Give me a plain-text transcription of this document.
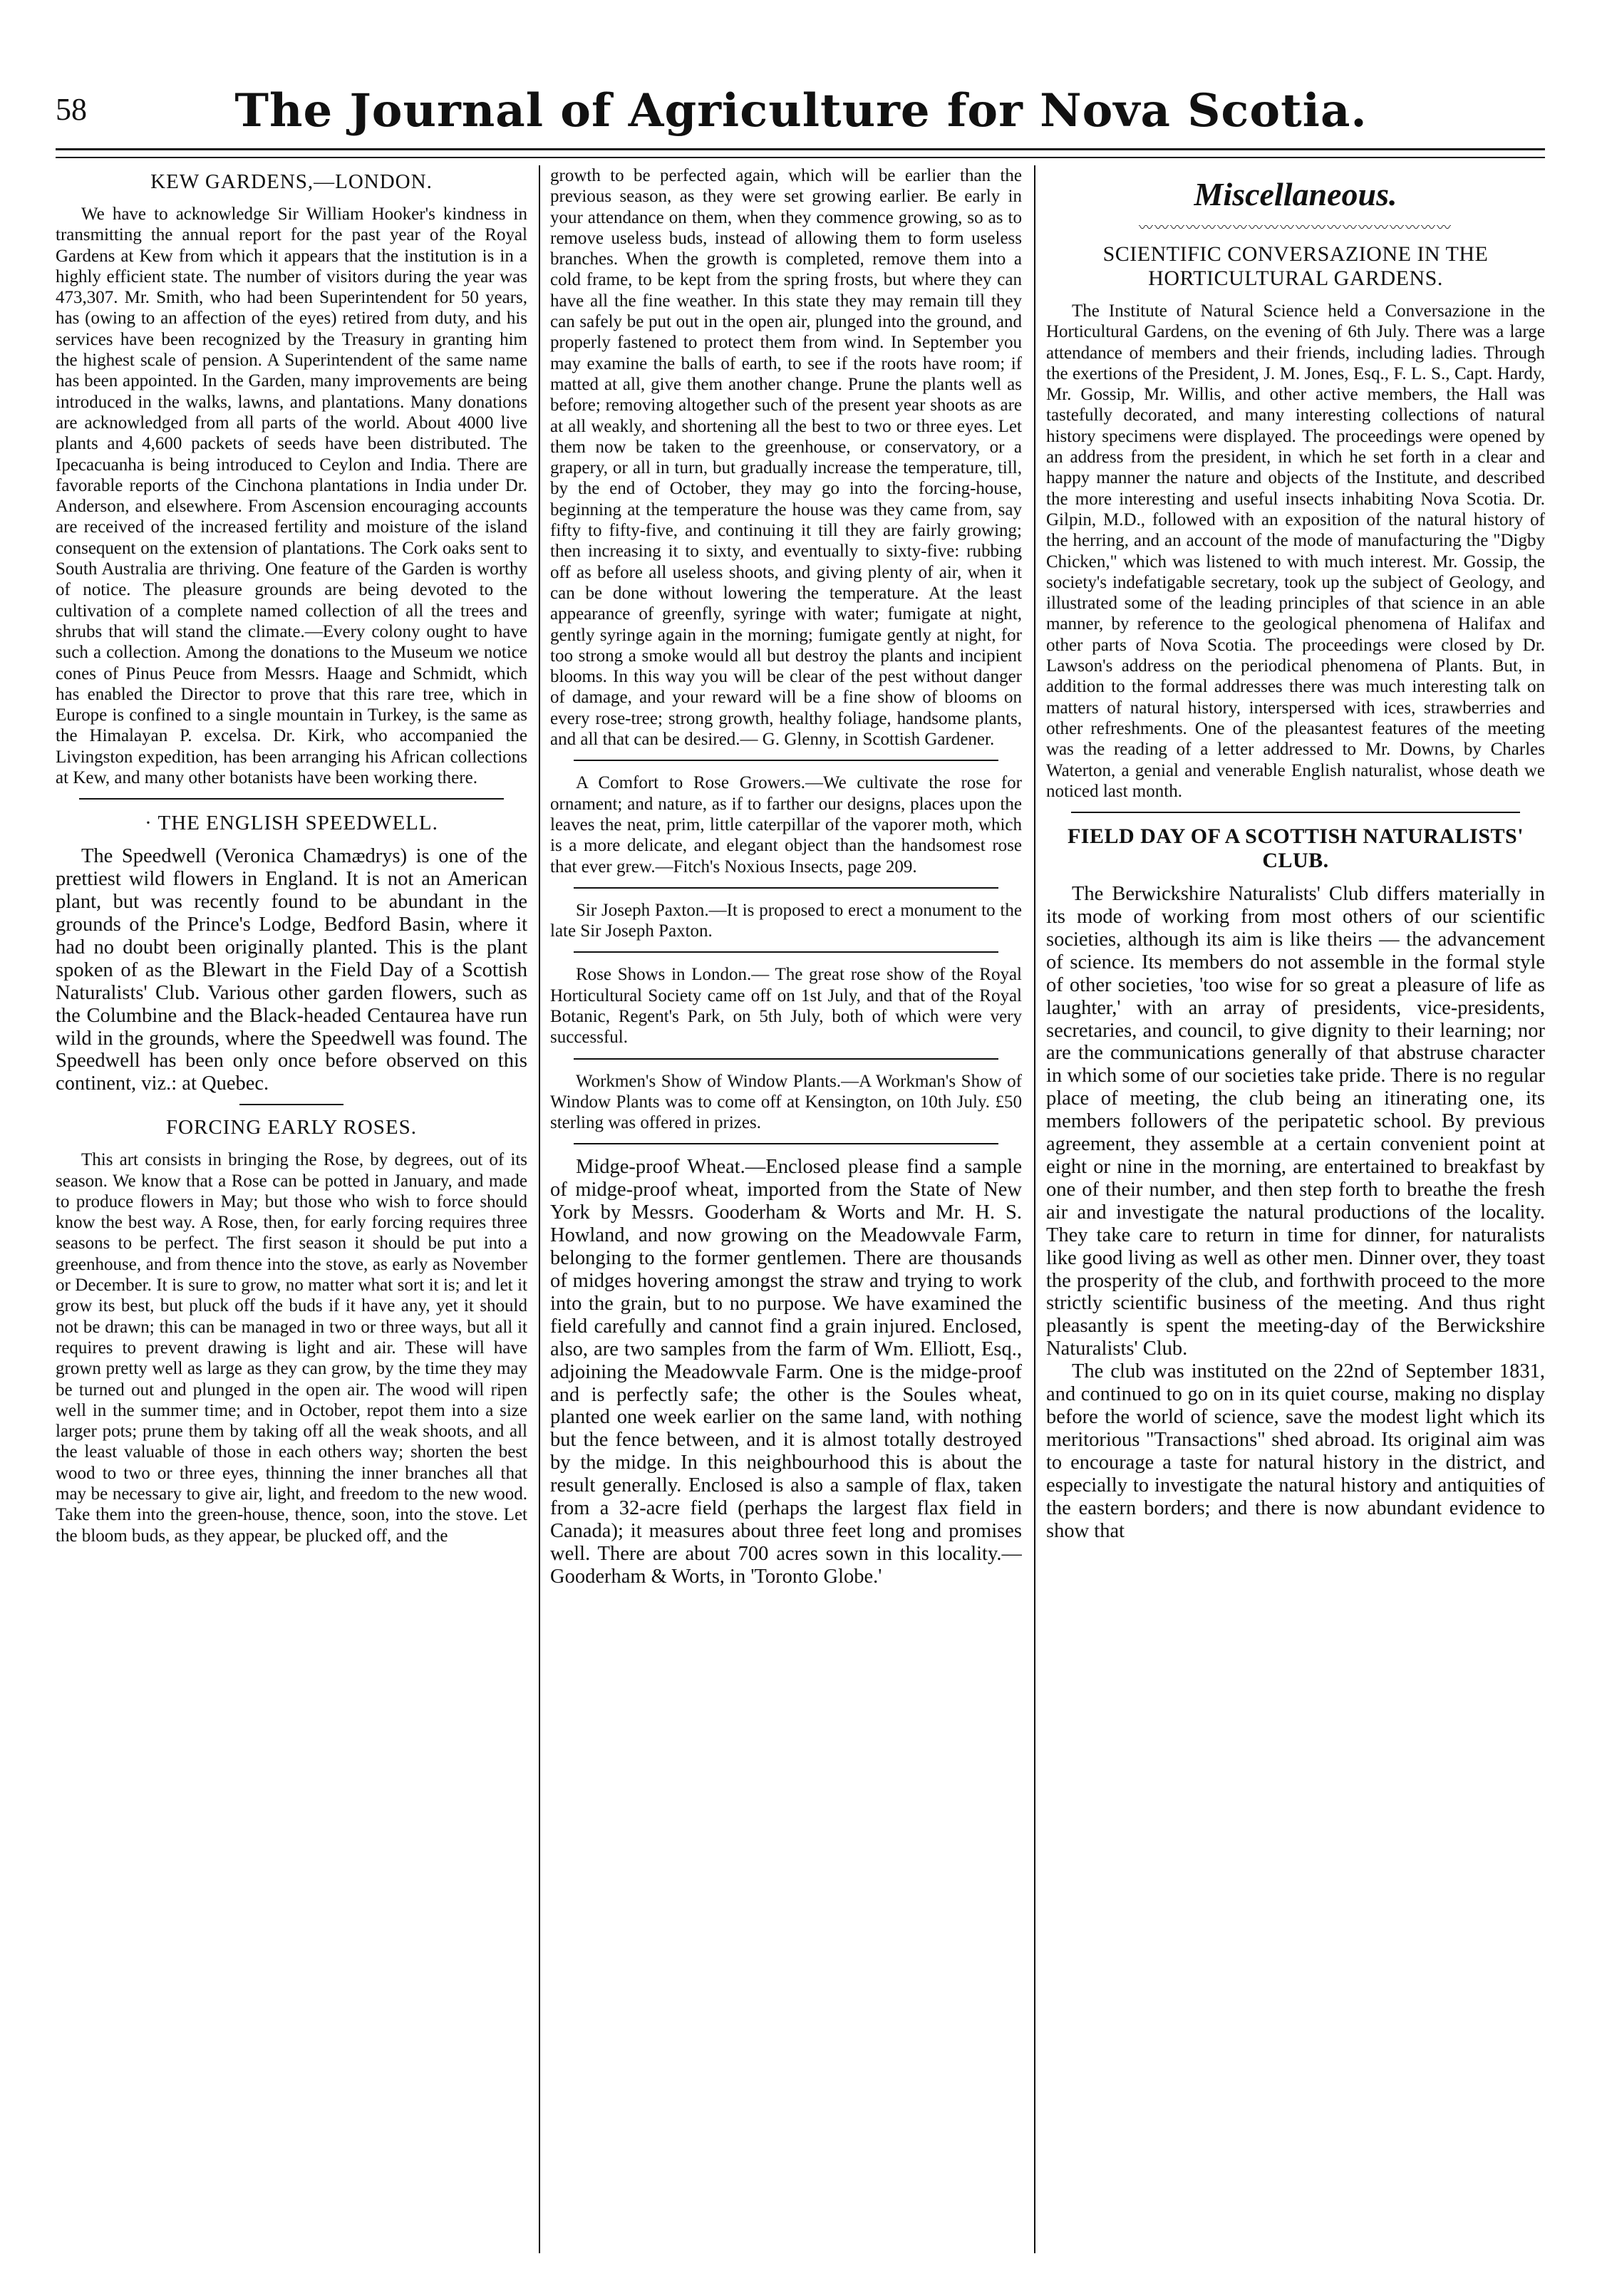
58	The Journal of Agriculture for Nova Scotia.
KEW GARDENS,—LONDON.

We have to acknowledge Sir William Hooker's kindness in transmitting the annual report for the past year of the Royal Gardens at Kew from which it appears that the institution is in a highly efficient state. The number of visitors during the year was 473,307. Mr. Smith, who had been Superintendent for 50 years, has (owing to an affection of the eyes) retired from duty, and his services have been recognized by the Treasury in granting him the highest scale of pension. A Superintendent of the same name has been appointed. In the Garden, many improvements are being introduced in the walks, lawns, and plantations. Many donations are acknowledged from all parts of the world. About 4000 live plants and 4,600 packets of seeds have been distributed. The Ipecacuanha is being introduced to Ceylon and India. There are favorable reports of the Cinchona plantations in India under Dr. Anderson, and elsewhere. From Ascension encouraging accounts are received of the increased fertility and moisture of the island consequent on the extension of plantations. The Cork oaks sent to South Australia are thriving. One feature of the Garden is worthy of notice. The pleasure grounds are being devoted to the cultivation of a complete named collection of all the trees and shrubs that will stand the climate.—Every colony ought to have such a collection. Among the donations to the Museum we notice cones of Pinus Peuce from Messrs. Haage and Schmidt, which has enabled the Director to prove that this rare tree, which in Europe is confined to a single mountain in Turkey, is the same as the Himalayan P. excelsa. Dr. Kirk, who accompanied the Livingston expedition, has been arranging his African collections at Kew, and many other botanists have been working there.

· THE ENGLISH SPEEDWELL.

The Speedwell (Veronica Chamædrys) is one of the prettiest wild flowers in England. It is not an American plant, but was recently found to be abundant in the grounds of the Prince's Lodge, Bedford Basin, where it had no doubt been originally planted. This is the plant spoken of as the Blewart in the Field Day of a Scottish Naturalists' Club. Various other garden flowers, such as the Columbine and the Black-headed Centaurea have run wild in the grounds, where the Speedwell was found. The Speedwell has been only once before observed on this continent, viz.: at Quebec.

FORCING EARLY ROSES.

This art consists in bringing the Rose, by degrees, out of its season. We know that a Rose can be potted in January, and made to produce flowers in May; but those who wish to force should know the best way. A Rose, then, for early forcing requires three seasons to be perfect. The first season it should be put into a greenhouse, and from thence into the stove, as early as November or December. It is sure to grow, no matter what sort it is; and let it grow its best, but pluck off the buds if it have any, yet it should not be drawn; this can be managed in two or three ways, but all it requires to prevent drawing is light and air. These will have grown pretty well as large as they can grow, by the time they may be turned out and plunged in the open air. The wood will ripen well in the summer time; and in October, repot them into a size larger pots; prune them by taking off all the weak shoots, and all the least valuable of those in each others way; shorten the best wood to two or three eyes, thinning the inner branches all that may be necessary to give air, light, and freedom to the new wood. Take them into the green-house, thence, soon, into the stove. Let the bloom buds, as they appear, be plucked off, and the

growth to be perfected again, which will be earlier than the previous season, as they were set growing earlier. Be early in your attendance on them, when they commence growing, so as to remove useless buds, instead of allowing them to form useless branches. When the growth is completed, remove them into a cold frame, to be kept from the spring frosts, but where they can have all the fine weather. In this state they may remain till they can safely be put out in the open air, plunged into the ground, and properly fastened to protect them from wind. In September you may examine the balls of earth, to see if the roots have room; if matted at all, give them another change. Prune the plants well as before; removing altogether such of the present year shoots as are at all weakly, and shortening all the best to two or three eyes. Let them now be taken to the greenhouse, or conservatory, or a grapery, or all in turn, but gradually increase the temperature, till, by the end of October, they may go into the forcing-house, beginning at the temperature the house was they came from, say fifty to fifty-five, and continuing it till they are fairly growing; then increasing it to sixty, and eventually to sixty-five: rubbing off as before all useless shoots, and giving plenty of air, when it can be done without lowering the temperature. At the least appearance of greenfly, syringe with water; fumigate at night, gently syringe again in the morning; fumigate gently at night, for too strong a smoke would all but destroy the plants and incipient blooms. In this way you will be clear of the pest without danger of damage, and your reward will be a fine show of blooms on every rose-tree; strong growth, healthy foliage, handsome plants, and all that can be desired.— G. Glenny, in Scottish Gardener.

A Comfort to Rose Growers.—We cultivate the rose for ornament; and nature, as if to farther our designs, places upon the leaves the neat, prim, little caterpillar of the vaporer moth, which is a more delicate, and elegant object than the handsomest rose that ever grew.—Fitch's Noxious Insects, page 209.

Sir Joseph Paxton.—It is proposed to erect a monument to the late Sir Joseph Paxton.

Rose Shows in London.— The great rose show of the Royal Horticultural Society came off on 1st July, and that of the Royal Botanic, Regent's Park, on 5th July, both of which were very successful.

Workmen's Show of Window Plants.—A Workman's Show of Window Plants was to come off at Kensington, on 10th July. £50 sterling was offered in prizes.

Midge-proof Wheat.—Enclosed please find a sample of midge-proof wheat, imported from the State of New York by Messrs. Gooderham & Worts and Mr. H. S. Howland, and now growing on the Meadowvale Farm, belonging to the former gentlemen. There are thousands of midges hovering amongst the straw and trying to work into the grain, but to no purpose. We have examined the field carefully and cannot find a grain injured. Enclosed, also, are two samples from the farm of Wm. Elliott, Esq., adjoining the Meadowvale Farm. One is the midge-proof and is perfectly safe; the other is the Soules wheat, planted one week earlier on the same land, with nothing but the fence between, and it is almost totally destroyed by the midge. In this neighbourhood this is about the result generally. Enclosed is also a sample of flax, taken from a 32-acre field (perhaps the largest flax field in Canada); it measures about three feet long and promises well. There are about 700 acres sown in this locality.—Gooderham & Worts, in 'Toronto Globe.'

Miscellaneous.
〰〰〰〰〰〰〰〰〰〰〰〰〰〰〰〰〰〰〰〰
SCIENTIFIC CONVERSAZIONE IN THE HORTICULTURAL GARDENS.

The Institute of Natural Science held a Conversazione in the Horticultural Gardens, on the evening of 6th July. There was a large attendance of members and their friends, including ladies. Through the exertions of the President, J. M. Jones, Esq., F. L. S., Capt. Hardy, Mr. Gossip, Mr. Willis, and other active members, the Hall was tastefully decorated, and many interesting collections of natural history specimens were displayed. The proceedings were opened by an address from the president, in which he set forth in a clear and happy manner the nature and objects of the Institute, and described the more interesting and useful insects inhabiting Nova Scotia. Dr. Gilpin, M.D., followed with an exposition of the natural history of the herring, and an account of the mode of manufacturing the "Digby Chicken," which was listened to with much interest. Mr. Gossip, the society's indefatigable secretary, took up the subject of Geology, and illustrated some of the leading principles of that science in an able manner, by reference to the geological phenomena of Halifax and other parts of Nova Scotia. The proceedings were closed by Dr. Lawson's address on the periodical phenomena of Plants. But, in addition to the formal addresses there was much interesting talk on matters of natural history, interspersed with ices, strawberries and other refreshments. One of the pleasantest features of the meeting was the reading of a letter addressed to Mr. Downs, by Charles Waterton, a genial and venerable English naturalist, whose death we noticed last month.

FIELD DAY OF A SCOTTISH NATURALISTS' CLUB.

The Berwickshire Naturalists' Club differs materially in its mode of working from most others of our scientific societies, although its aim is like theirs — the advancement of science. Its members do not assemble in the formal style of other societies, 'too wise for so great a pleasure of life as laughter,' with an array of presidents, vice-presidents, secretaries, and council, to give dignity to their learning; nor are the communications generally of that abstruse character in which some of our societies take pride. There is no regular place of meeting, the club being an itinerating one, its members followers of the peripatetic school. By previous agreement, they assemble at a certain convenient point at eight or nine in the morning, are entertained to breakfast by one of their number, and then step forth to breathe the fresh air and investigate the natural productions of the locality. They take care to return in time for dinner, for naturalists like good living as well as other men. Dinner over, they toast the prosperity of the club, and forthwith proceed to the more strictly scientific business of the meeting. And thus right pleasantly is spent the meeting-day of the Berwickshire Naturalists' Club.

The club was instituted on the 22nd of September 1831, and continued to go on in its quiet course, making no display before the world of science, save the modest light which its meritorious "Transactions" shed abroad. Its original aim was to encourage a taste for natural history in the district, and especially to investigate the natural history and antiquities of the eastern borders; and there is now abundant evidence to show that
